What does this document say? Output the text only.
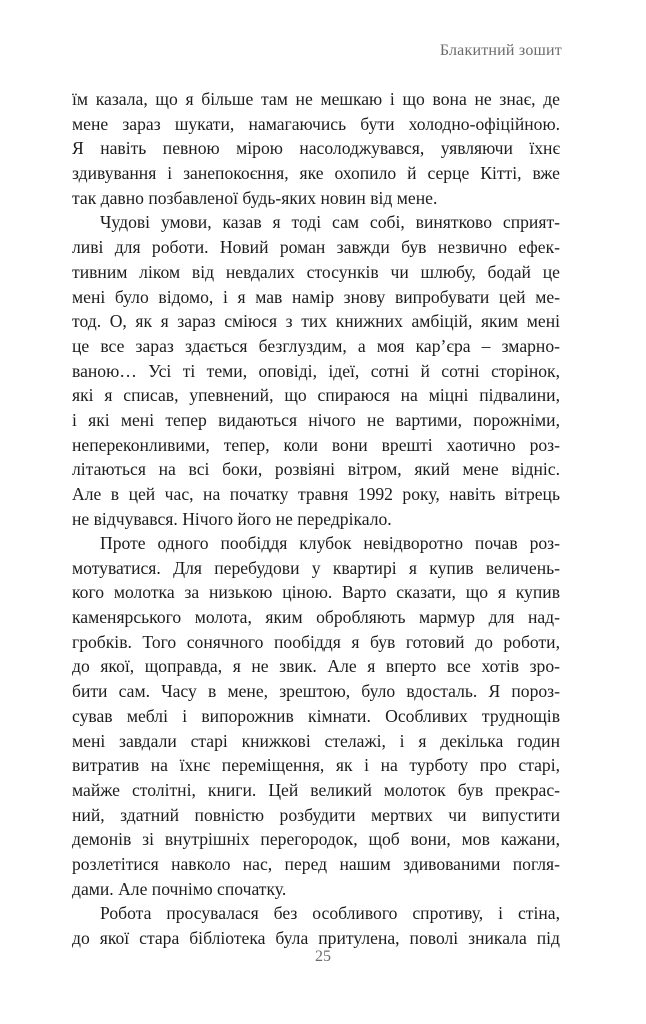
Блакитний зошит
їм казала, що я більше там не мешкаю і що вона не знає, де
мене зараз шукати, намагаючись бути холодно-офіційною.
Я навіть певною мірою насолоджувався, уявляючи їхнє
здивування і занепокоєння, яке охопило й серце Кітті, вже
так давно позбавленої будь-яких новин від мене.
Чудові умови, казав я тоді сам собі, винятково сприят-
ливі для роботи. Новий роман завжди був незвично ефек-
тивним ліком від невдалих стосунків чи шлюбу, бодай це
мені було відомо, і я мав намір знову випробувати цей ме-
тод. О, як я зараз сміюся з тих книжних амбіцій, яким мені
це все зараз здається безглуздим, а моя кар’єра – змарно-
ваною… Усі ті теми, оповіді, ідеї, сотні й сотні сторінок,
які я списав, упевнений, що спираюся на міцні підвалини,
і які мені тепер видаються нічого не вартими, порожніми,
непереконливими, тепер, коли вони врешті хаотично роз-
літаються на всі боки, розвіяні вітром, який мене відніс.
Але в цей час, на початку травня 1992 року, навіть вітрець
не відчувався. Нічого його не передрікало.
Проте одного пообіддя клубок невідворотно почав роз-
мотуватися. Для перебудови у квартирі я купив величень-
кого молотка за низькою ціною. Варто сказати, що я купив
каменярського молота, яким обробляють мармур для над-
гробків. Того сонячного пообіддя я був готовий до роботи,
до якої, щоправда, я не звик. Але я вперто все хотів зро-
бити сам. Часу в мене, зрештою, було вдосталь. Я порoз-
сував меблі і випорожнив кімнати. Особливих труднощів
мені завдали старі книжкові стелажі, і я декілька годин
витратив на їхнє переміщення, як і на турботу про старі,
майже столітні, книги. Цей великий молоток був прекрас-
ний, здатний повністю розбудити мертвих чи випустити
демонів зі внутрішніх перегородок, щоб вони, мов кажани,
розлетітися навколо нас, перед нашим здивованими погля-
дами. Але почнімо спочатку.
Робота просувалася без особливого спротиву, і стіна,
до якої стара бібліотека була притулена, поволі зникала під
25
